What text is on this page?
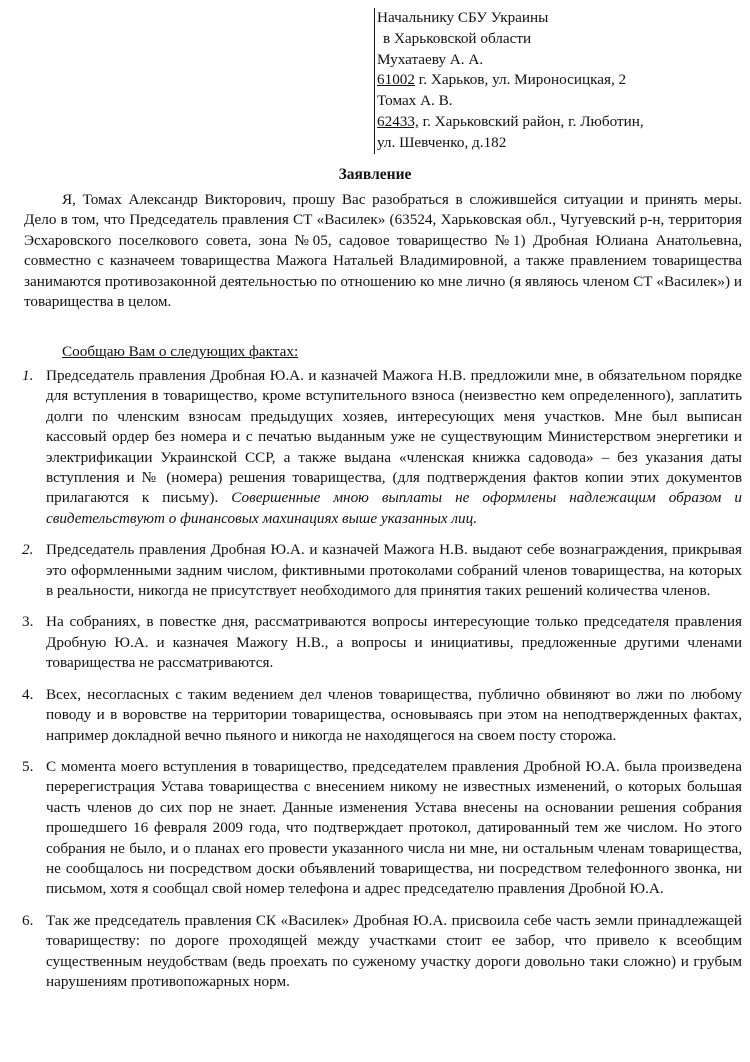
Начальнику СБУ Украины
в Харьковской области
Мухатаеву А. А.
61002 г. Харьков, ул. Мироносицкая, 2
Томах А. В.
62433, г. Харьковский район, г. Люботин,
ул. Шевченко, д.182
Заявление
Я, Томах Александр Викторович, прошу Вас разобраться в сложившейся ситуации и принять меры. Дело в том, что Председатель правления СТ «Василек» (63524, Харьковская обл., Чугуевский р-н, территория Эсхаровского поселкового совета, зона №05, садовое товарищество №1) Дробная Юлиана Анатольевна, совместно с казначеем товарищества Мажога Натальей Владимировной, а также правлением товарищества занимаются противозаконной деятельностью по отношению ко мне лично (я являюсь членом СТ «Василек») и товарищества в целом.
Сообщаю Вам о следующих фактах:
1. Председатель правления Дробная Ю.А. и казначей Мажога Н.В. предложили мне, в обязательном порядке для вступления в товарищество, кроме вступительного взноса (неизвестно кем определенного), заплатить долги по членским взносам предыдущих хозяев, интересующих меня участков. Мне был выписан кассовый ордер без номера и с печатью выданным уже не существующим Министерством энергетики и электрификации Украинской ССР, а также выдана «членская книжка садовода» – без указания даты вступления и № (номера) решения товарищества, (для подтверждения фактов копии этих документов прилагаются к письму). Совершенные мною выплаты не оформлены надлежащим образом и свидетельствуют о финансовых махинациях выше указанных лиц.
2. Председатель правления Дробная Ю.А. и казначей Мажога Н.В. выдают себе вознаграждения, прикрывая это оформленными задним числом, фиктивными протоколами собраний членов товарищества, на которых в реальности, никогда не присутствует необходимого для принятия таких решений количества членов.
3. На собраниях, в повестке дня, рассматриваются вопросы интересующие только председателя правления Дробную Ю.А. и казначея Мажогу Н.В., а вопросы и инициативы, предложенные другими членами товарищества не рассматриваются.
4. Всех, несогласных с таким ведением дел членов товарищества, публично обвиняют во лжи по любому поводу и в воровстве на территории товарищества, основываясь при этом на неподтвержденных фактах, например докладной вечно пьяного и никогда не находящегося на своем посту сторожа.
5. С момента моего вступления в товарищество, председателем правления Дробной Ю.А. была произведена перерегистрация Устава товарищества с внесением никому не известных изменений, о которых большая часть членов до сих пор не знает. Данные изменения Устава внесены на основании решения собрания прошедшего 16 февраля 2009 года, что подтверждает протокол, датированный тем же числом. Но этого собрания не было, и о планах его провести указанного числа ни мне, ни остальным членам товарищества, не сообщалось ни посредством доски объявлений товарищества, ни посредством телефонного звонка, ни письмом, хотя я сообщал свой номер телефона и адрес председателю правления Дробной Ю.А.
6. Так же председатель правления СК «Василек» Дробная Ю.А. присвоила себе часть земли принадлежащей товариществу: по дороге проходящей между участками стоит ее забор, что привело к всеобщим существенным неудобствам (ведь проехать по суженому участку дороги довольно таки сложно) и грубым нарушениям противопожарных норм.
